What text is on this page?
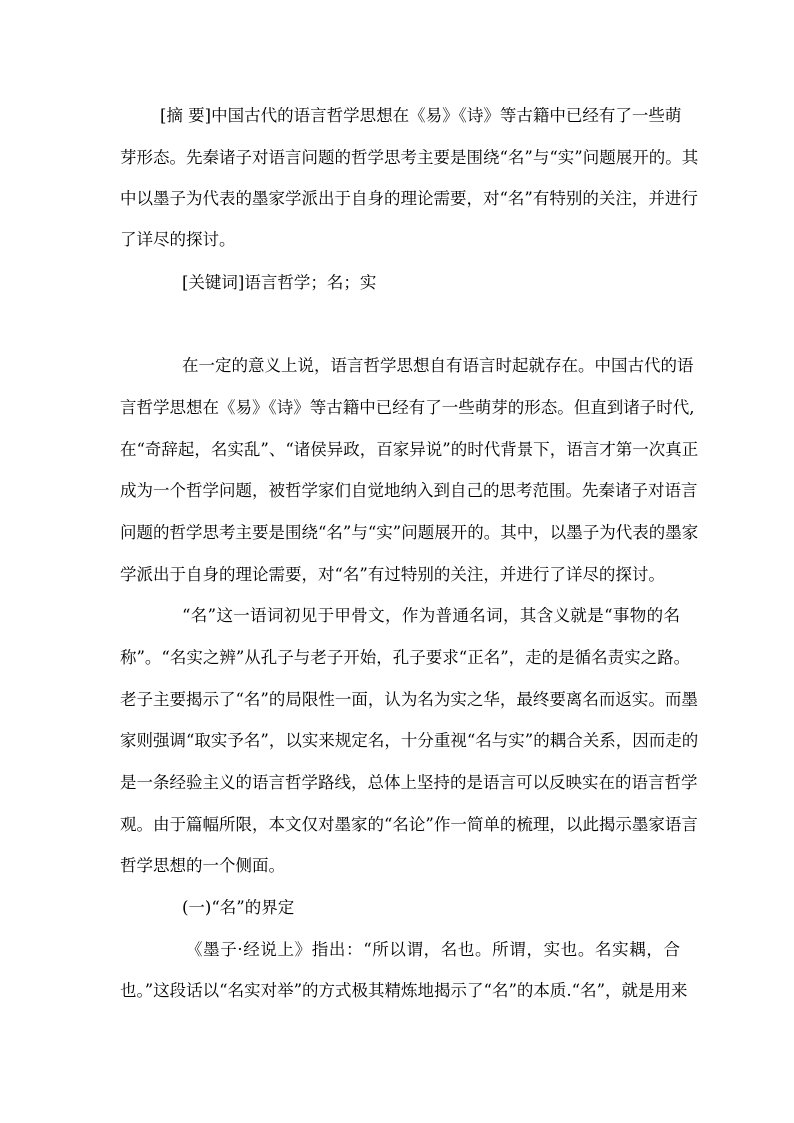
[摘 要]中国古代的语言哲学思想在《易》《诗》等古籍中已经有了一些萌
芽形态。先秦诸子对语言问题的哲学思考主要是围绕“名”与“实”问题展开的。其
中以墨子为代表的墨家学派出于自身的理论需要，对“名”有特别的关注，并进行
了详尽的探讨。
[关键词]语言哲学；名；实
在一定的意义上说，语言哲学思想自有语言时起就存在。中国古代的语
言哲学思想在《易》《诗》等古籍中已经有了一些萌芽的形态。但直到诸子时代,
在“奇辞起，名实乱”、“诸侯异政，百家异说”的时代背景下，语言才第一次真正
成为一个哲学问题，被哲学家们自觉地纳入到自己的思考范围。先秦诸子对语言
问题的哲学思考主要是围绕“名”与“实”问题展开的。其中，以墨子为代表的墨家
学派出于自身的理论需要，对“名”有过特别的关注，并进行了详尽的探讨。
“名”这一语词初见于甲骨文，作为普通名词，其含义就是“事物的名
称”。“名实之辨”从孔子与老子开始，孔子要求“正名”，走的是循名责实之路。
老子主要揭示了“名”的局限性一面，认为名为实之华，最终要离名而返实。而墨
家则强调“取实予名”，以实来规定名，十分重视“名与实”的耦合关系，因而走的
是一条经验主义的语言哲学路线，总体上坚持的是语言可以反映实在的语言哲学
观。由于篇幅所限，本文仅对墨家的“名论”作一简单的梳理，以此揭示墨家语言
哲学思想的一个侧面。
(一)“名”的界定
《墨子·经说上》指出：“所以谓，名也。所谓，实也。名实耦，合
也。”这段话以“名实对举”的方式极其精炼地揭示了“名”的本质.“名”，就是用来
